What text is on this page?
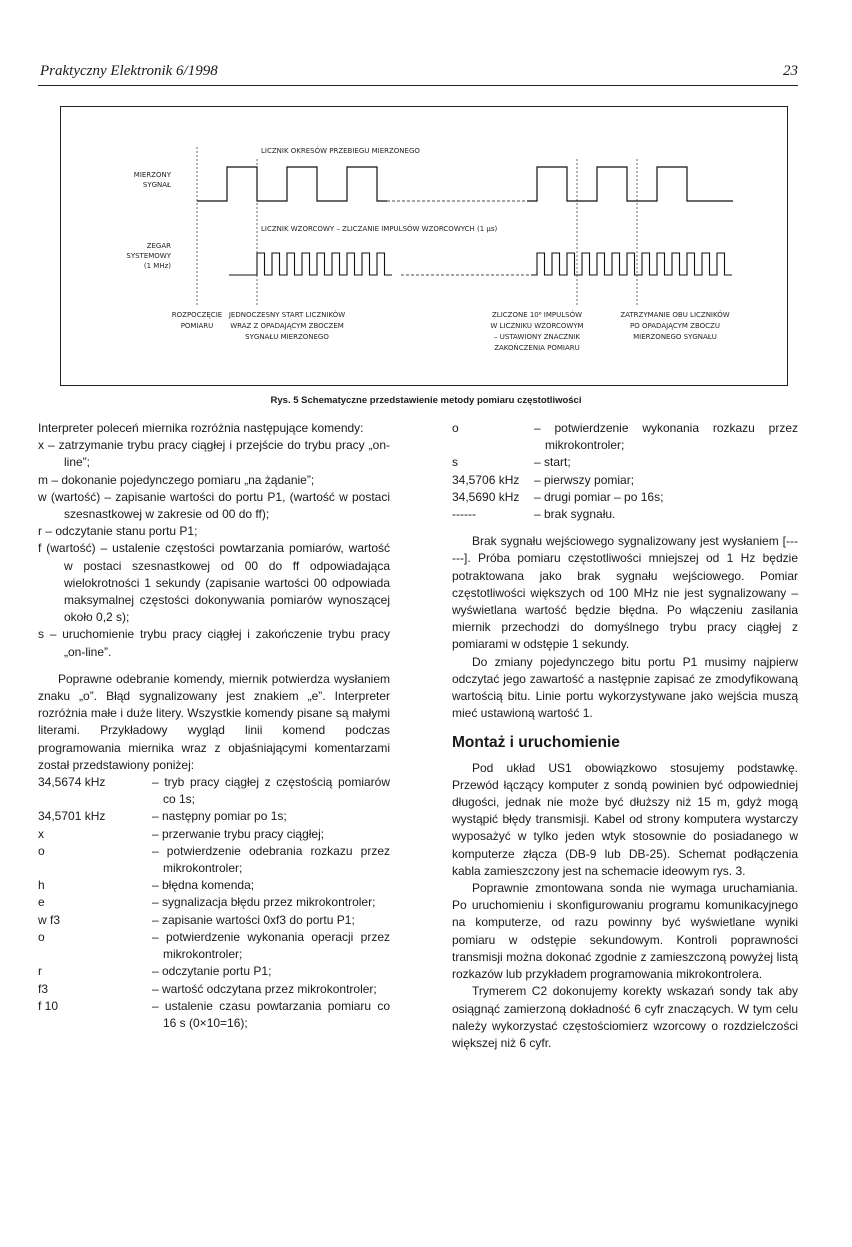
Praktyczny Elektronik 6/1998	23
LICZNIK OKRESÓW PRZEBIEGU MIERZONEGO
LICZNIK WZORCOWY – ZLICZANIE IMPULSÓW WZORCOWYCH (1 μs)
MIERZONY
SYGNAŁ
ZEGAR
SYSTEMOWY
(1 MHz)
ROZPOCZĘCIE
POMIARU
JEDNOCZESNY START LICZNIKÓW
WRAZ Z OPADAJĄCYM ZBOCZEM
SYGNAŁU MIERZONEGO
ZLICZONE 10⁶ IMPULSÓW
W LICZNIKU WZORCOWYM
– USTAWIONY ZNACZNIK
ZAKOŃCZENIA POMIARU
ZATRZYMANIE OBU LICZNIKÓW
PO OPADAJĄCYM ZBOCZU
MIERZONEGO SYGNAŁU
Rys. 5 Schematyczne przedstawienie metody pomiaru częstotliwości

Interpreter poleceń miernika rozróżnia następujące komendy:

x – zatrzymanie trybu pracy ciągłej i przejście do trybu pracy „on-line”;

m – dokonanie pojedynczego pomiaru „na żądanie”;

w (wartość) – zapisanie wartości do portu P1, (wartość w postaci szesnastkowej w zakresie od 00 do ff);

r – odczytanie stanu portu P1;

f (wartość) – ustalenie częstości powtarzania pomiarów, wartość w postaci szesnastkowej od 00 do ff odpowiadająca wielokrotności 1 sekundy (zapisanie wartości 00 odpowiada maksymalnej częstości dokonywania pomiarów wynoszącej około 0,2 s);

s – uruchomienie trybu pracy ciągłej i zakończenie trybu pracy „on-line”.

Poprawne odebranie komendy, miernik potwierdza wysłaniem znaku „o”. Błąd sygnalizowany jest znakiem „e”. Interpreter rozróżnia małe i duże litery. Wszystkie komendy pisane są małymi literami. Przykładowy wygląd linii komend podczas programowania miernika wraz z objaśniającymi komentarzami został przedstawiony poniżej:

34,5674 kHz	– tryb pracy ciągłej z częstością pomiarów co 1s;
34,5701 kHz	– następny pomiar po 1s;
x	– przerwanie trybu pracy ciągłej;
o	– potwierdzenie odebrania rozkazu przez mikrokontroler;
h	– błędna komenda;
e	– sygnalizacja błędu przez mikrokontroler;
w f3	– zapisanie wartości 0xf3 do portu P1;
o	– potwierdzenie wykonania operacji przez mikrokontroler;
r	– odczytanie portu P1;
f3	– wartość odczytana przez mikrokontroler;
f 10	– ustalenie czasu powtarzania pomiaru co 16 s (0×10=16);
o	– potwierdzenie wykonania rozkazu przez mikrokontroler;
s	– start;
34,5706 kHz	– pierwszy pomiar;
34,5690 kHz	– drugi pomiar – po 16s;
------	– brak sygnału.

Brak sygnału wejściowego sygnalizowany jest wysłaniem [------]. Próba pomiaru częstotliwości mniejszej od 1 Hz będzie potraktowana jako brak sygnału wejściowego. Pomiar częstotliwości większych od 100 MHz nie jest sygnalizowany – wyświetlana wartość będzie błędna. Po włączeniu zasilania miernik przechodzi do domyślnego trybu pracy ciągłej z pomiarami w odstępie 1 sekundy.

Do zmiany pojedynczego bitu portu P1 musimy najpierw odczytać jego zawartość a następnie zapisać ze zmodyfikowaną wartością bitu. Linie portu wykorzystywane jako wejścia muszą mieć ustawioną wartość 1.

Montaż i uruchomienie

Pod układ US1 obowiązkowo stosujemy podstawkę. Przewód łączący komputer z sondą powinien być odpowiedniej długości, jednak nie może być dłuższy niż 15 m, gdyż mogą wystąpić błędy transmisji. Kabel od strony komputera wystarczy wyposażyć w tylko jeden wtyk stosownie do posiadanego w komputerze złącza (DB-9 lub DB-25). Schemat podłączenia kabla zamieszczony jest na schemacie ideowym rys. 3.

Poprawnie zmontowana sonda nie wymaga uruchamiania. Po uruchomieniu i skonfigurowaniu programu komunikacyjnego na komputerze, od razu powinny być wyświetlane wyniki pomiaru w odstępie sekundowym. Kontroli poprawności transmisji można dokonać zgodnie z zamieszczoną powyżej listą rozkazów lub przykładem programowania mikrokontrolera.

Trymerem C2 dokonujemy korekty wskazań sondy tak aby osiągnąć zamierzoną dokładność 6 cyfr znaczących. W tym celu należy wykorzystać częstościomierz wzorcowy o rozdzielczości większej niż 6 cyfr.
